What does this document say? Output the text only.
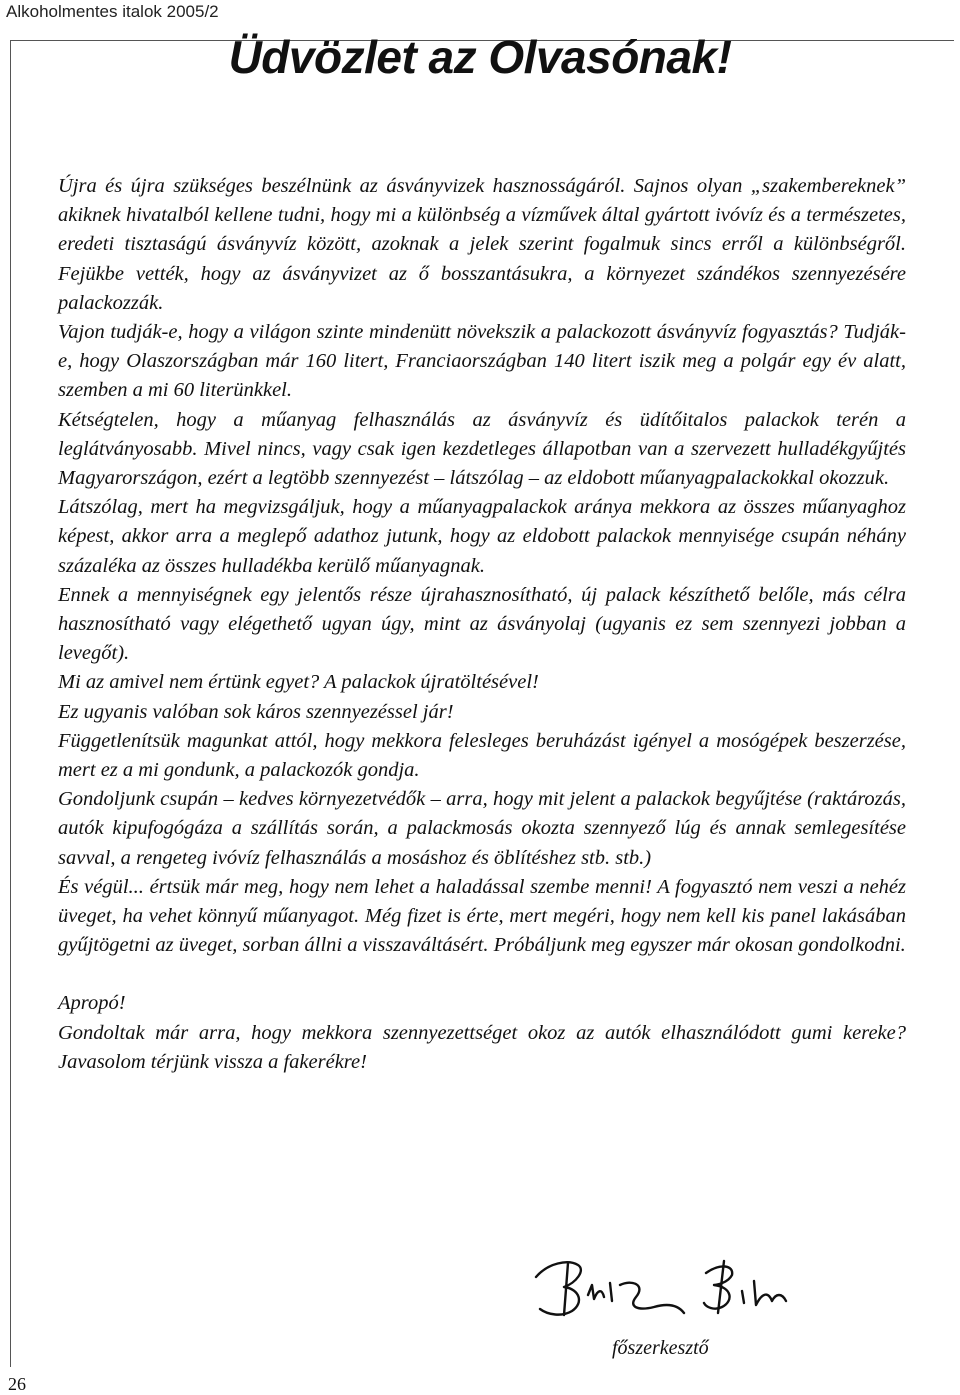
Alkoholmentes italok 2005/2
Üdvözlet az Olvasónak!

Újra és újra szükséges beszélnünk az ásványvizek hasznosságáról. Sajnos olyan „szakembereknek” akiknek hivatalból kellene tudni, hogy mi a különbség a vízművek által gyártott ivóvíz és a természetes, eredeti tisztaságú ásványvíz között, azoknak a jelek szerint fogalmuk sincs erről a különbségről. Fejükbe vették, hogy az ásványvizet az ő bosszantásukra, a környezet szándékos szennyezésére palackozzák.

Vajon tudják-e, hogy a világon szinte mindenütt növekszik a palackozott ásványvíz fogyasztás? Tudják-e, hogy Olaszországban már 160 litert, Franciaországban 140 litert iszik meg a polgár egy év alatt, szemben a mi 60 literünkkel.

Kétségtelen, hogy a műanyag felhasználás az ásványvíz és üdítőitalos palackok terén a leglátványosabb. Mivel nincs, vagy csak igen kezdetleges állapotban van a szervezett hulladékgyűjtés Magyarországon, ezért a legtöbb szennyezést – látszólag – az eldobott műanyagpalackokkal okozzuk.

Látszólag, mert ha megvizsgáljuk, hogy a műanyagpalackok aránya mekkora az összes műanyaghoz képest, akkor arra a meglepő adathoz jutunk, hogy az eldobott palackok mennyisége csupán néhány százaléka az összes hulladékba kerülő műanyagnak.

Ennek a mennyiségnek egy jelentős része újrahasznosítható, új palack készíthető belőle, más célra hasznosítható vagy elégethető ugyan úgy, mint az ásványolaj (ugyanis ez sem szennyezi jobban a levegőt).

Mi az amivel nem értünk egyet? A palackok újratöltésével!

Ez ugyanis valóban sok káros szennyezéssel jár!

Függetlenítsük magunkat attól, hogy mekkora felesleges beruházást igényel a mosógépek beszerzése, mert ez a mi gondunk, a palackozók gondja.

Gondoljunk csupán – kedves környezetvédők – arra, hogy mit jelent a palackok begyűjtése (raktározás, autók kipufogógáza a szállítás során, a palackmosás okozta szennyező lúg és annak semlegesítése savval, a rengeteg ivóvíz felhasználás a mosáshoz és öblítéshez stb. stb.)

És végül... értsük már meg, hogy nem lehet a haladással szembe menni! A fogyasztó nem veszi a nehéz üveget, ha vehet könnyű műanyagot. Még fizet is érte, mert megéri, hogy nem kell kis panel lakásában gyűjtögetni az üveget, sorban állni a visszaváltásért. Próbáljunk meg egyszer már okosan gondolkodni.

Apropó!

Gondoltak már arra, hogy mekkora szennyezettséget okoz az autók elhasználódott gumi kereke? Javasolom térjünk vissza a fakerékre!

főszerkesztő
26
